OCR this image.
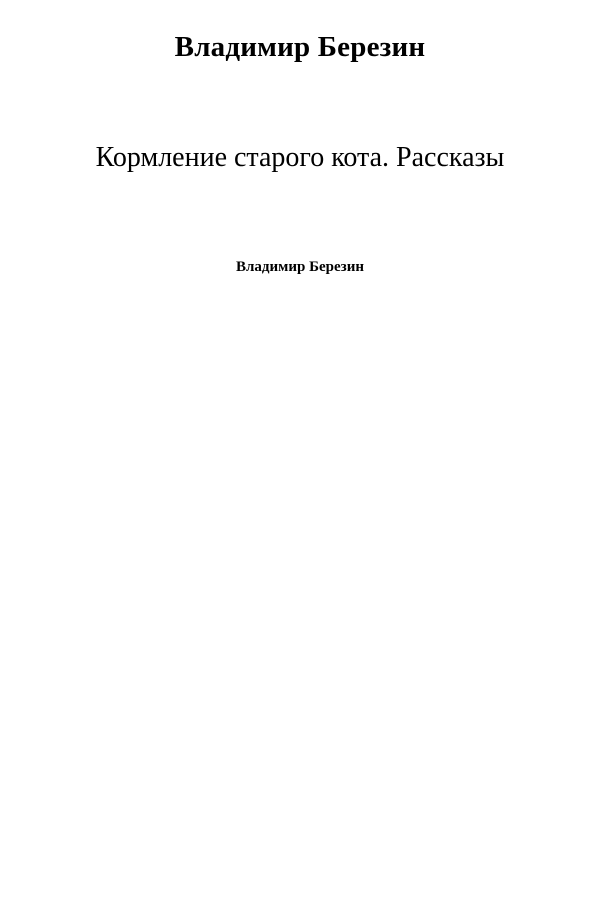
Владимир Березин
Кормление старого кота. Рассказы
Владимир Березин
